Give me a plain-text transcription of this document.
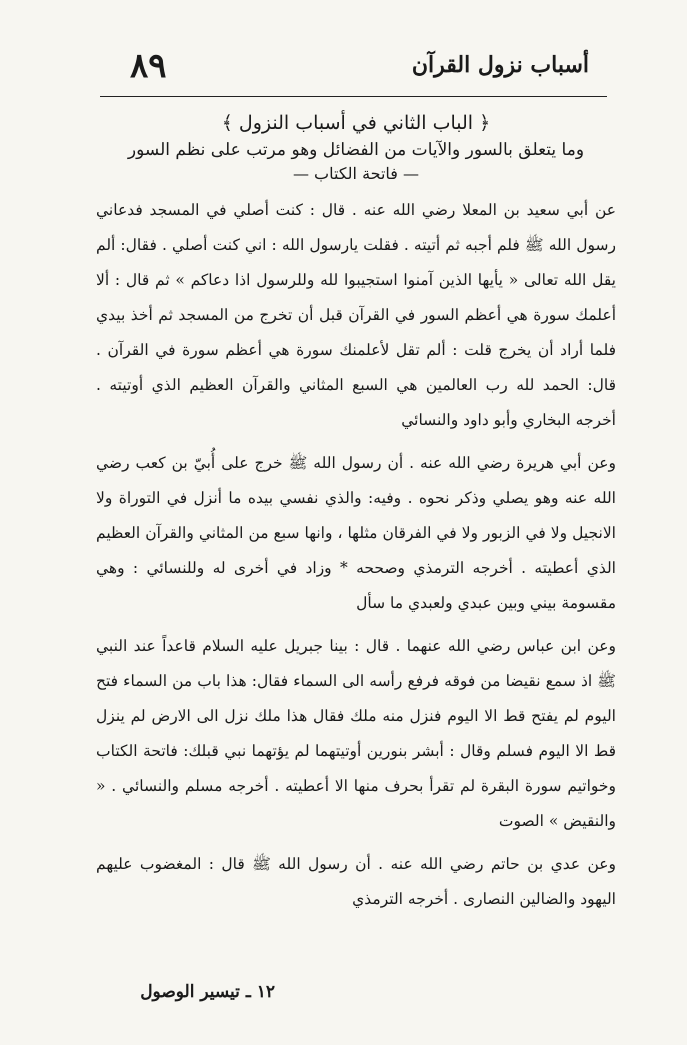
أسباب نزول القرآن
٨٩
﴿ الباب الثاني في أسباب النزول ﴾
وما يتعلق بالسور والآيات من الفضائل وهو مرتب على نظم السور
— فاتحة الكتاب —

عن أبي سعيد بن المعلا رضي الله عنه . قال : كنت أصلي في المسجد فدعاني رسول الله ﷺ فلم أجبه ثم أتيته . فقلت يارسول الله : اني كنت أصلي . فقال: ألم يقل الله تعالى « يأيها الذين آمنوا استجيبوا لله وللرسول اذا دعاكم » ثم قال : ألا أعلمك سورة هي أعظم السور في القرآن قبل أن تخرج من المسجد ثم أخذ بيدي فلما أراد أن يخرج قلت : ألم تقل لأعلمنك سورة هي أعظم سورة في القرآن . قال: الحمد لله رب العالمين هي السبع المثاني والقرآن العظيم الذي أوتيته . أخرجه البخاري وأبو داود والنسائي

وعن أبي هريرة رضي الله عنه . أن رسول الله ﷺ خرج على أُبيّ بن كعب رضي الله عنه وهو يصلي وذكر نحوه . وفيه: والذي نفسي بيده ما أنزل في التوراة ولا الانجيل ولا في الزبور ولا في الفرقان مثلها ، وانها سبع من المثاني والقرآن العظيم الذي أعطيته . أخرجه الترمذي وصححه * وزاد في أخرى له وللنسائي : وهي مقسومة بيني وبين عبدي ولعبدي ما سأل

وعن ابن عباس رضي الله عنهما . قال : بينا جبريل عليه السلام قاعداً عند النبي ﷺ اذ سمع نقيضا من فوقه فرفع رأسه الى السماء فقال: هذا باب من السماء فتح اليوم لم يفتح قط الا اليوم فنزل منه ملك فقال هذا ملك نزل الى الارض لم ينزل قط الا اليوم فسلم وقال : أبشر بنورين أوتيتهما لم يؤتهما نبي قبلك: فاتحة الكتاب وخواتيم سورة البقرة لم تقرأ بحرف منها الا أعطيته . أخرجه مسلم والنسائي . « والنقيض » الصوت

وعن عدي بن حاتم رضي الله عنه . أن رسول الله ﷺ قال : المغضوب عليهم اليهود والضالين النصارى . أخرجه الترمذي

١٢ ـ تيسير الوصول
